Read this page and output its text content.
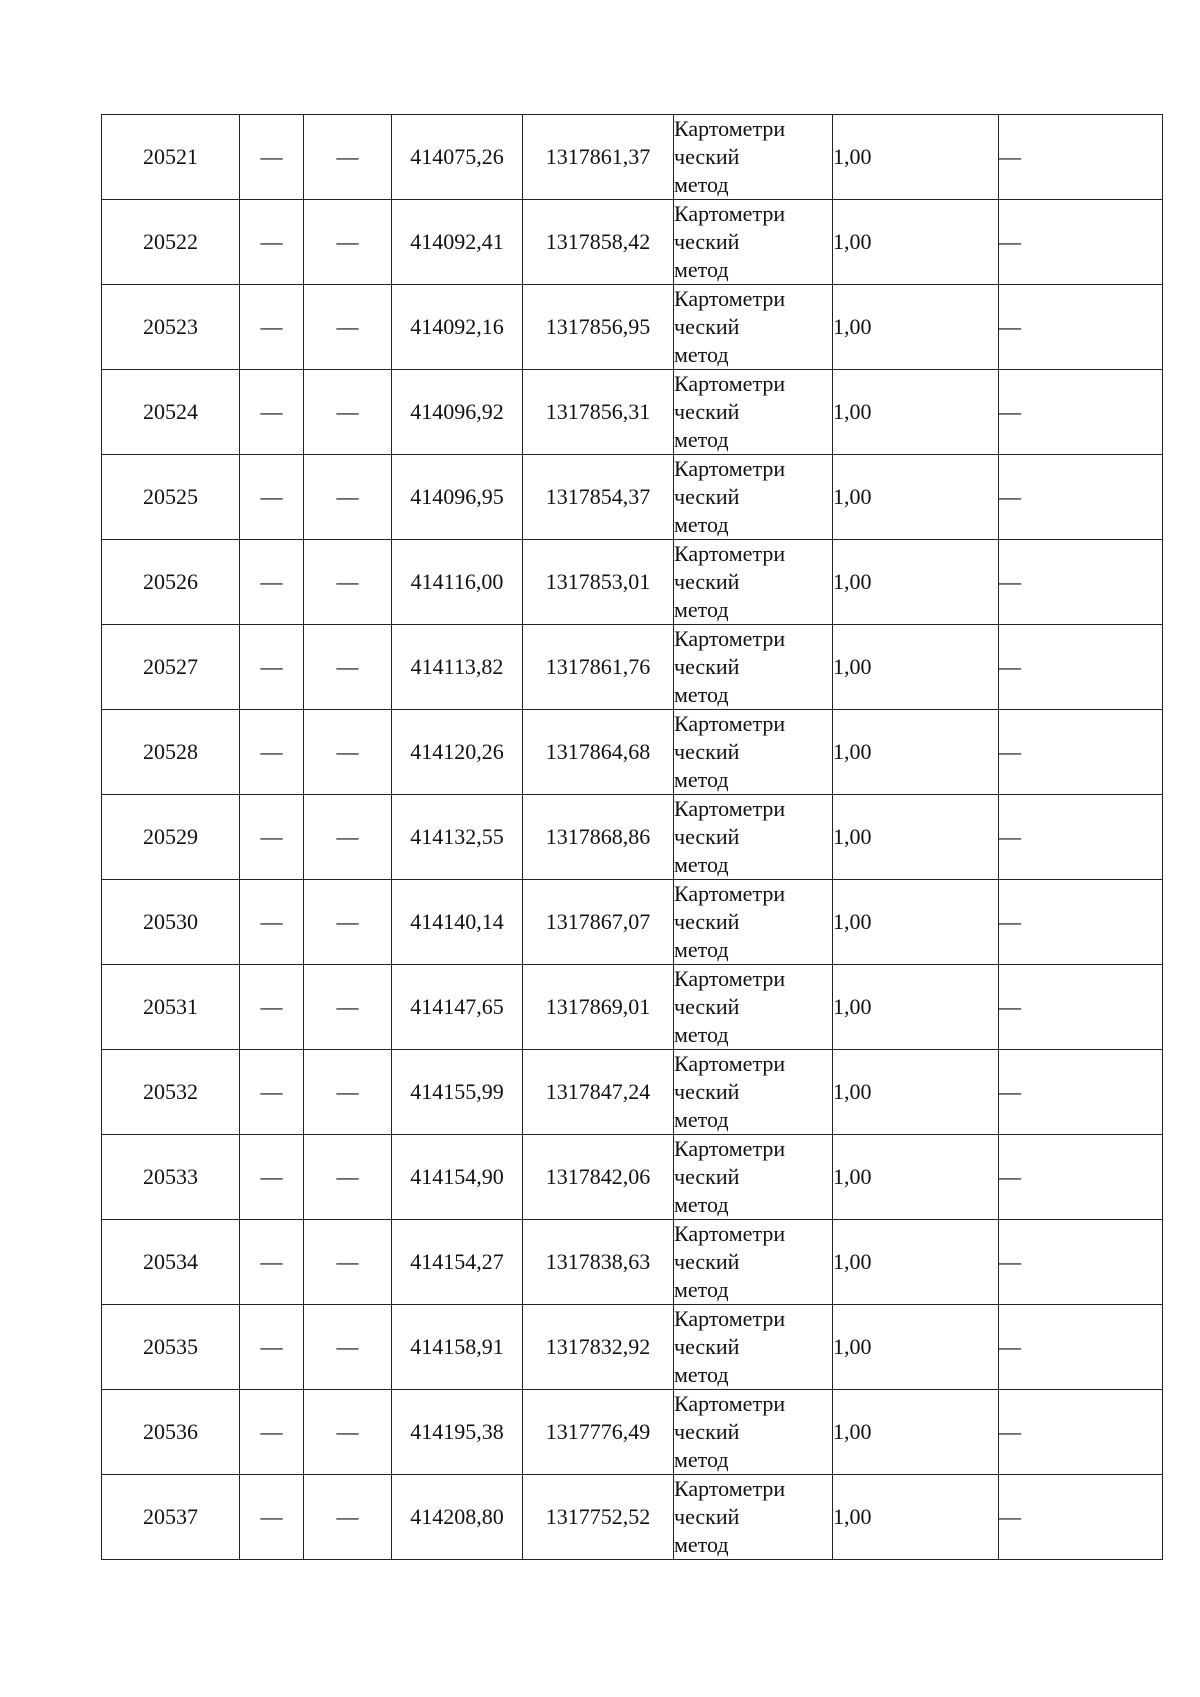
20521	—	—	414075,26	1317861,37	Картометри
ческий
метод	1,00	—
20522	—	—	414092,41	1317858,42	Картометри
ческий
метод	1,00	—
20523	—	—	414092,16	1317856,95	Картометри
ческий
метод	1,00	—
20524	—	—	414096,92	1317856,31	Картометри
ческий
метод	1,00	—
20525	—	—	414096,95	1317854,37	Картометри
ческий
метод	1,00	—
20526	—	—	414116,00	1317853,01	Картометри
ческий
метод	1,00	—
20527	—	—	414113,82	1317861,76	Картометри
ческий
метод	1,00	—
20528	—	—	414120,26	1317864,68	Картометри
ческий
метод	1,00	—
20529	—	—	414132,55	1317868,86	Картометри
ческий
метод	1,00	—
20530	—	—	414140,14	1317867,07	Картометри
ческий
метод	1,00	—
20531	—	—	414147,65	1317869,01	Картометри
ческий
метод	1,00	—
20532	—	—	414155,99	1317847,24	Картометри
ческий
метод	1,00	—
20533	—	—	414154,90	1317842,06	Картометри
ческий
метод	1,00	—
20534	—	—	414154,27	1317838,63	Картометри
ческий
метод	1,00	—
20535	—	—	414158,91	1317832,92	Картометри
ческий
метод	1,00	—
20536	—	—	414195,38	1317776,49	Картометри
ческий
метод	1,00	—
20537	—	—	414208,80	1317752,52	Картометри
ческий
метод	1,00	—
